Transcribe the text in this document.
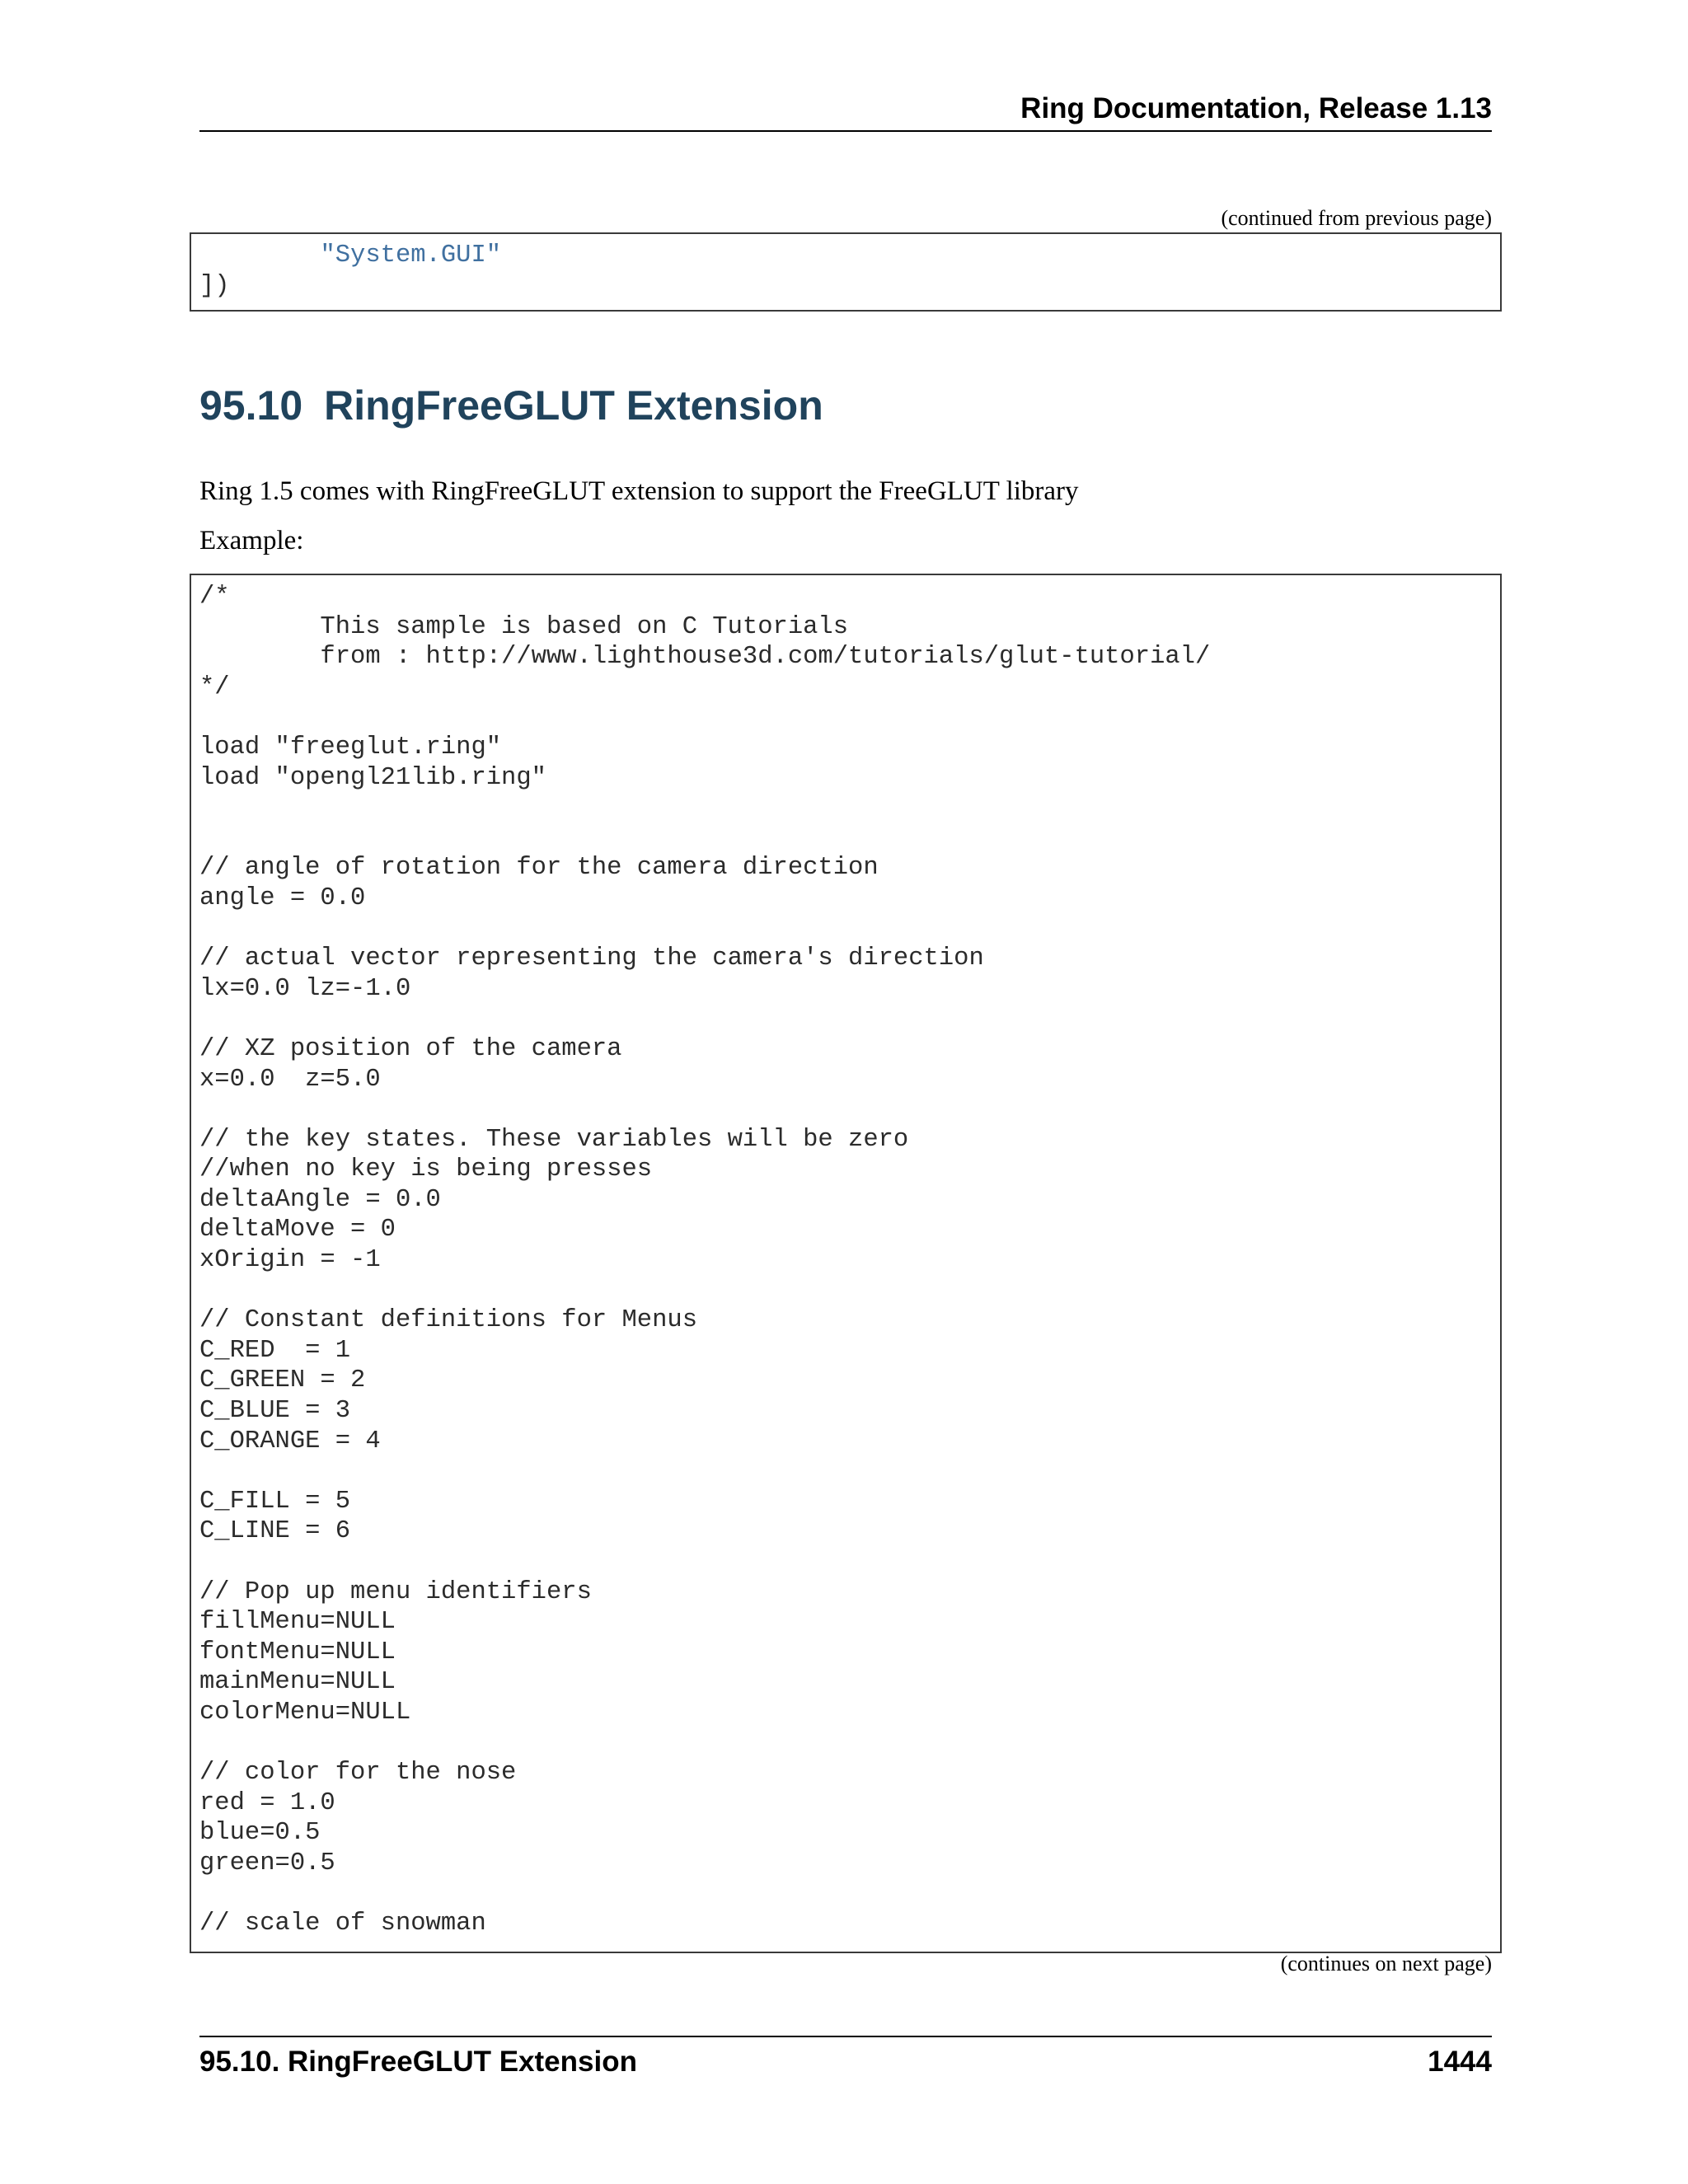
Ring Documentation, Release 1.13
(continued from previous page)
"System.GUI"
])
95.10 RingFreeGLUT Extension
Ring 1.5 comes with RingFreeGLUT extension to support the FreeGLUT library
Example:
/*
This sample is based on C Tutorials
from : http://www.lighthouse3d.com/tutorials/glut-tutorial/
*/
load "freeglut.ring"
load "opengl21lib.ring"
// angle of rotation for the camera direction
angle = 0.0
// actual vector representing the camera's direction
lx=0.0 lz=-1.0
// XZ position of the camera
x=0.0  z=5.0
// the key states. These variables will be zero
//when no key is being presses
deltaAngle = 0.0
deltaMove = 0
xOrigin = -1
// Constant definitions for Menus
C_RED  = 1
C_GREEN = 2
C_BLUE = 3
C_ORANGE = 4
C_FILL = 5
C_LINE = 6
// Pop up menu identifiers
fillMenu=NULL
fontMenu=NULL
mainMenu=NULL
colorMenu=NULL
// color for the nose
red = 1.0
blue=0.5
green=0.5
// scale of snowman
(continues on next page)
95.10. RingFreeGLUT Extension	1444
